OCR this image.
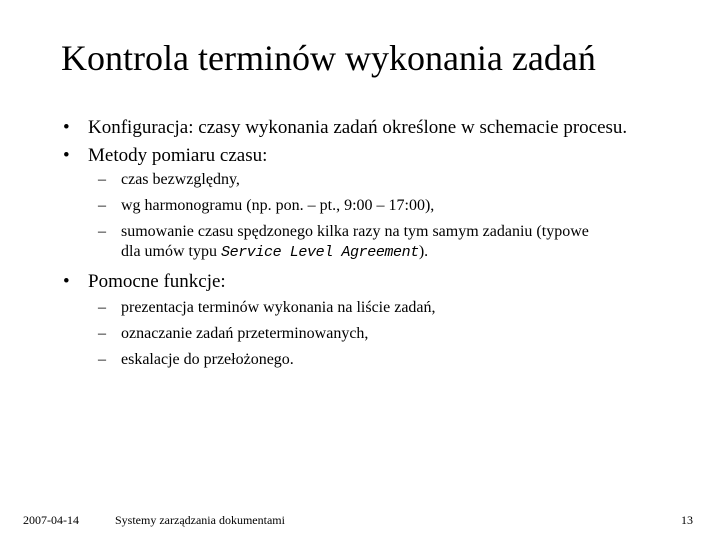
Kontrola terminów wykonania zadań
• Konfiguracja: czasy wykonania zadań określone w schemacie procesu.
• Metody pomiaru czasu:
– czas bezwzględny,
– wg harmonogramu (np. pon. – pt., 9:00 – 17:00),
– sumowanie czasu spędzonego kilka razy na tym samym zadaniu (typowe
dla umów typu Service Level Agreement).
• Pomocne funkcje:
– prezentacja terminów wykonania na liście zadań,
– oznaczanie zadań przeterminowanych,
– eskalacje do przełożonego.
2007-04-14	Systemy zarządzania dokumentami	13
